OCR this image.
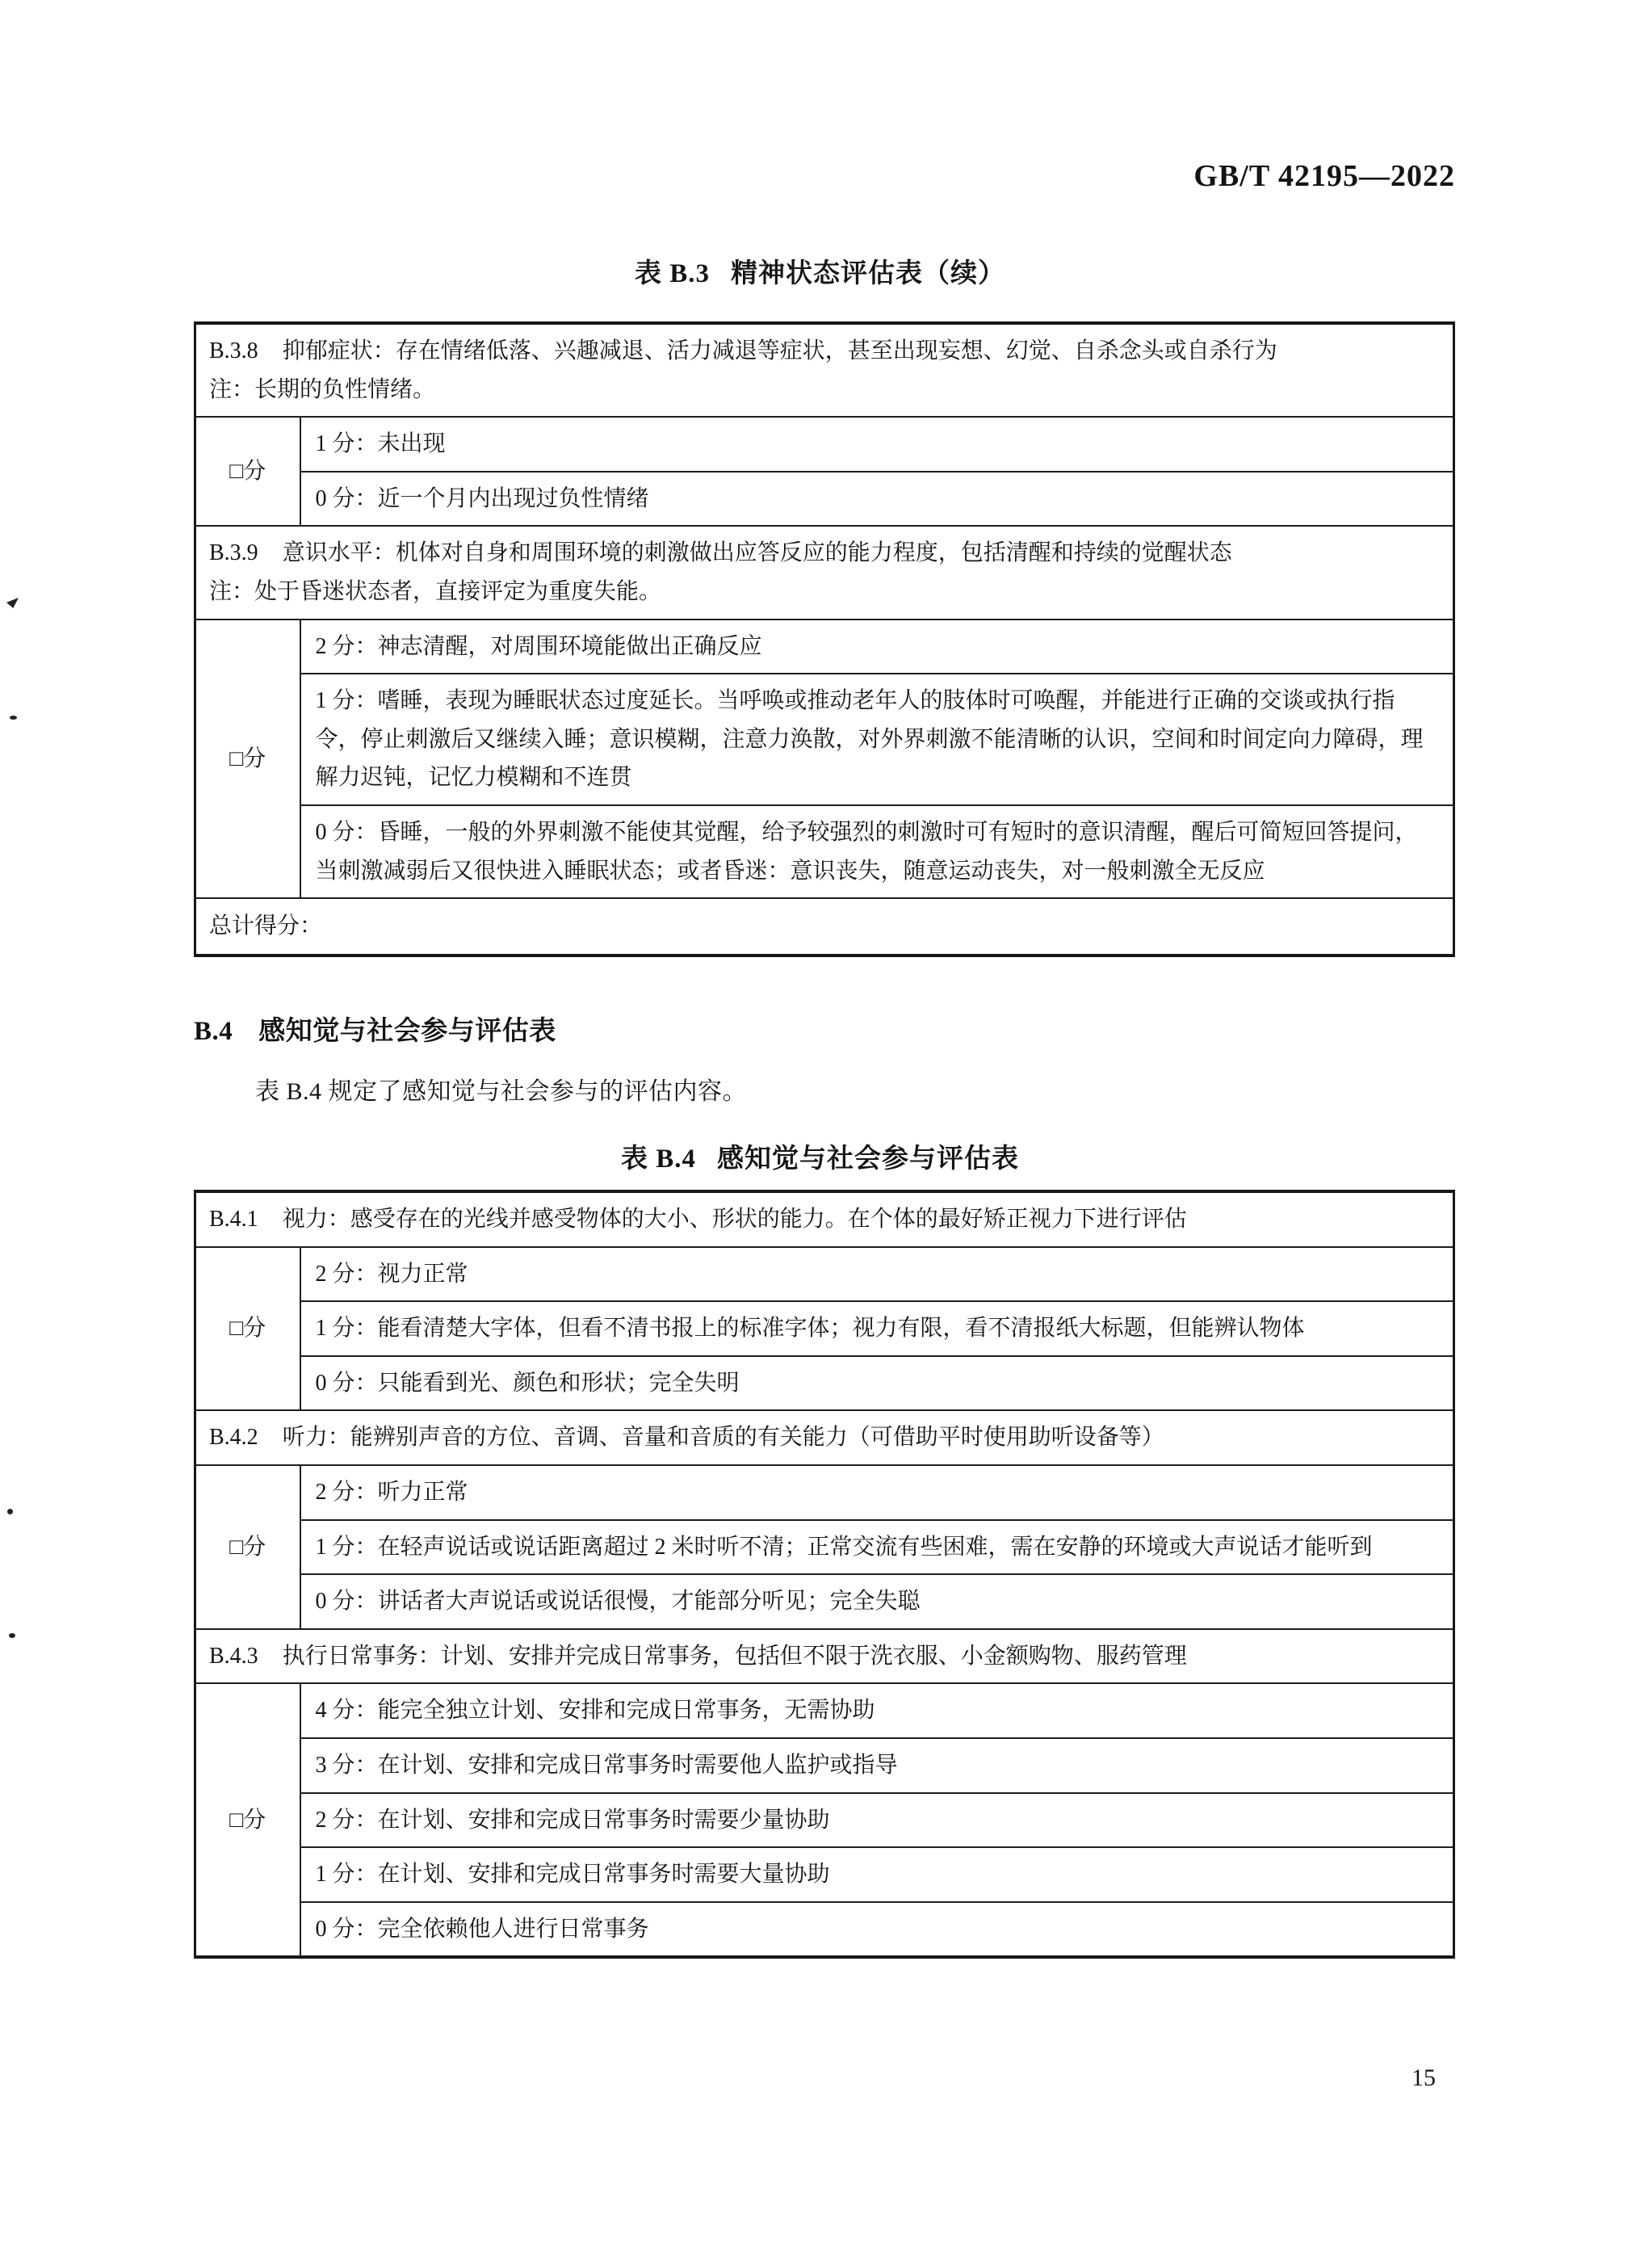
GB/T 42195—2022
表 B.3 精神状态评估表（续）
B.3.8 抑郁症状：存在情绪低落、兴趣减退、活力减退等症状，甚至出现妄想、幻觉、自杀念头或自杀行为
注：长期的负性情绪。	

□分	1 分：未出现
	0 分：近一个月内出现过负性情绪

B.3.9 意识水平：机体对自身和周围环境的刺激做出应答反应的能力程度，包括清醒和持续的觉醒状态
注：处于昏迷状态者，直接评定为重度失能。	

□分	2 分：神志清醒，对周围环境能做出正确反应
	1 分：嗜睡，表现为睡眠状态过度延长。当呼唤或推动老年人的肢体时可唤醒，并能进行正确的交谈或执行指令，停止刺激后又继续入睡；意识模糊，注意力涣散，对外界刺激不能清晰的认识，空间和时间定向力障碍，理解力迟钝，记忆力模糊和不连贯
	0 分：昏睡，一般的外界刺激不能使其觉醒，给予较强烈的刺激时可有短时的意识清醒，醒后可简短回答提问，当刺激减弱后又很快进入睡眠状态；或者昏迷：意识丧失，随意运动丧失，对一般刺激全无反应
总计得分：	
B.4 感知觉与社会参与评估表
表 B.4 规定了感知觉与社会参与的评估内容。
表 B.4 感知觉与社会参与评估表
B.4.1 视力：感受存在的光线并感受物体的大小、形状的能力。在个体的最好矫正视力下进行评估	

□分	2 分：视力正常
	1 分：能看清楚大字体，但看不清书报上的标准字体；视力有限，看不清报纸大标题，但能辨认物体
	0 分：只能看到光、颜色和形状；完全失明

B.4.2 听力：能辨别声音的方位、音调、音量和音质的有关能力（可借助平时使用助听设备等）	

□分	2 分：听力正常
	1 分：在轻声说话或说话距离超过 2 米时听不清；正常交流有些困难，需在安静的环境或大声说话才能听到
	0 分：讲话者大声说话或说话很慢，才能部分听见；完全失聪

B.4.3 执行日常事务：计划、安排并完成日常事务，包括但不限于洗衣服、小金额购物、服药管理	

□分	4 分：能完全独立计划、安排和完成日常事务，无需协助
	3 分：在计划、安排和完成日常事务时需要他人监护或指导
	2 分：在计划、安排和完成日常事务时需要少量协助
	1 分：在计划、安排和完成日常事务时需要大量协助
	0 分：完全依赖他人进行日常事务
15
